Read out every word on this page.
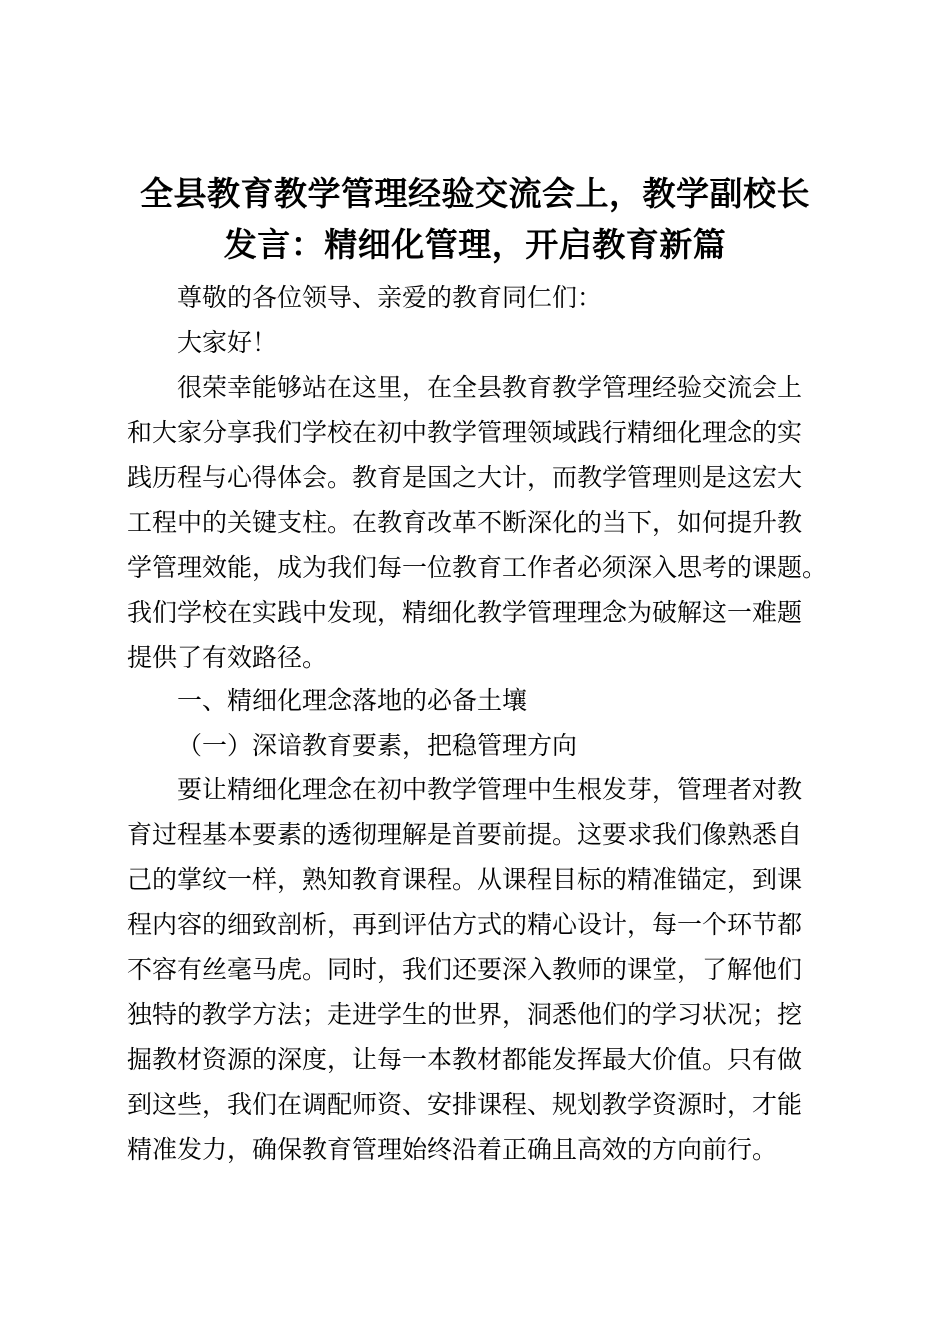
全县教育教学管理经验交流会上，教学副校长
发言：精细化管理，开启教育新篇
尊敬的各位领导、亲爱的教育同仁们：
大家好！
很荣幸能够站在这里，在全县教育教学管理经验交流会上
和大家分享我们学校在初中教学管理领域践行精细化理念的实
践历程与心得体会。教育是国之大计，而教学管理则是这宏大
工程中的关键支柱。在教育改革不断深化的当下，如何提升教
学管理效能，成为我们每一位教育工作者必须深入思考的课题。
我们学校在实践中发现，精细化教学管理理念为破解这一难题
提供了有效路径。
一、精细化理念落地的必备土壤
（一）深谙教育要素，把稳管理方向
要让精细化理念在初中教学管理中生根发芽，管理者对教
育过程基本要素的透彻理解是首要前提。这要求我们像熟悉自
己的掌纹一样，熟知教育课程。从课程目标的精准锚定，到课
程内容的细致剖析，再到评估方式的精心设计，每一个环节都
不容有丝毫马虎。同时，我们还要深入教师的课堂，了解他们
独特的教学方法；走进学生的世界，洞悉他们的学习状况；挖
掘教材资源的深度，让每一本教材都能发挥最大价值。只有做
到这些，我们在调配师资、安排课程、规划教学资源时，才能
精准发力，确保教育管理始终沿着正确且高效的方向前行。
